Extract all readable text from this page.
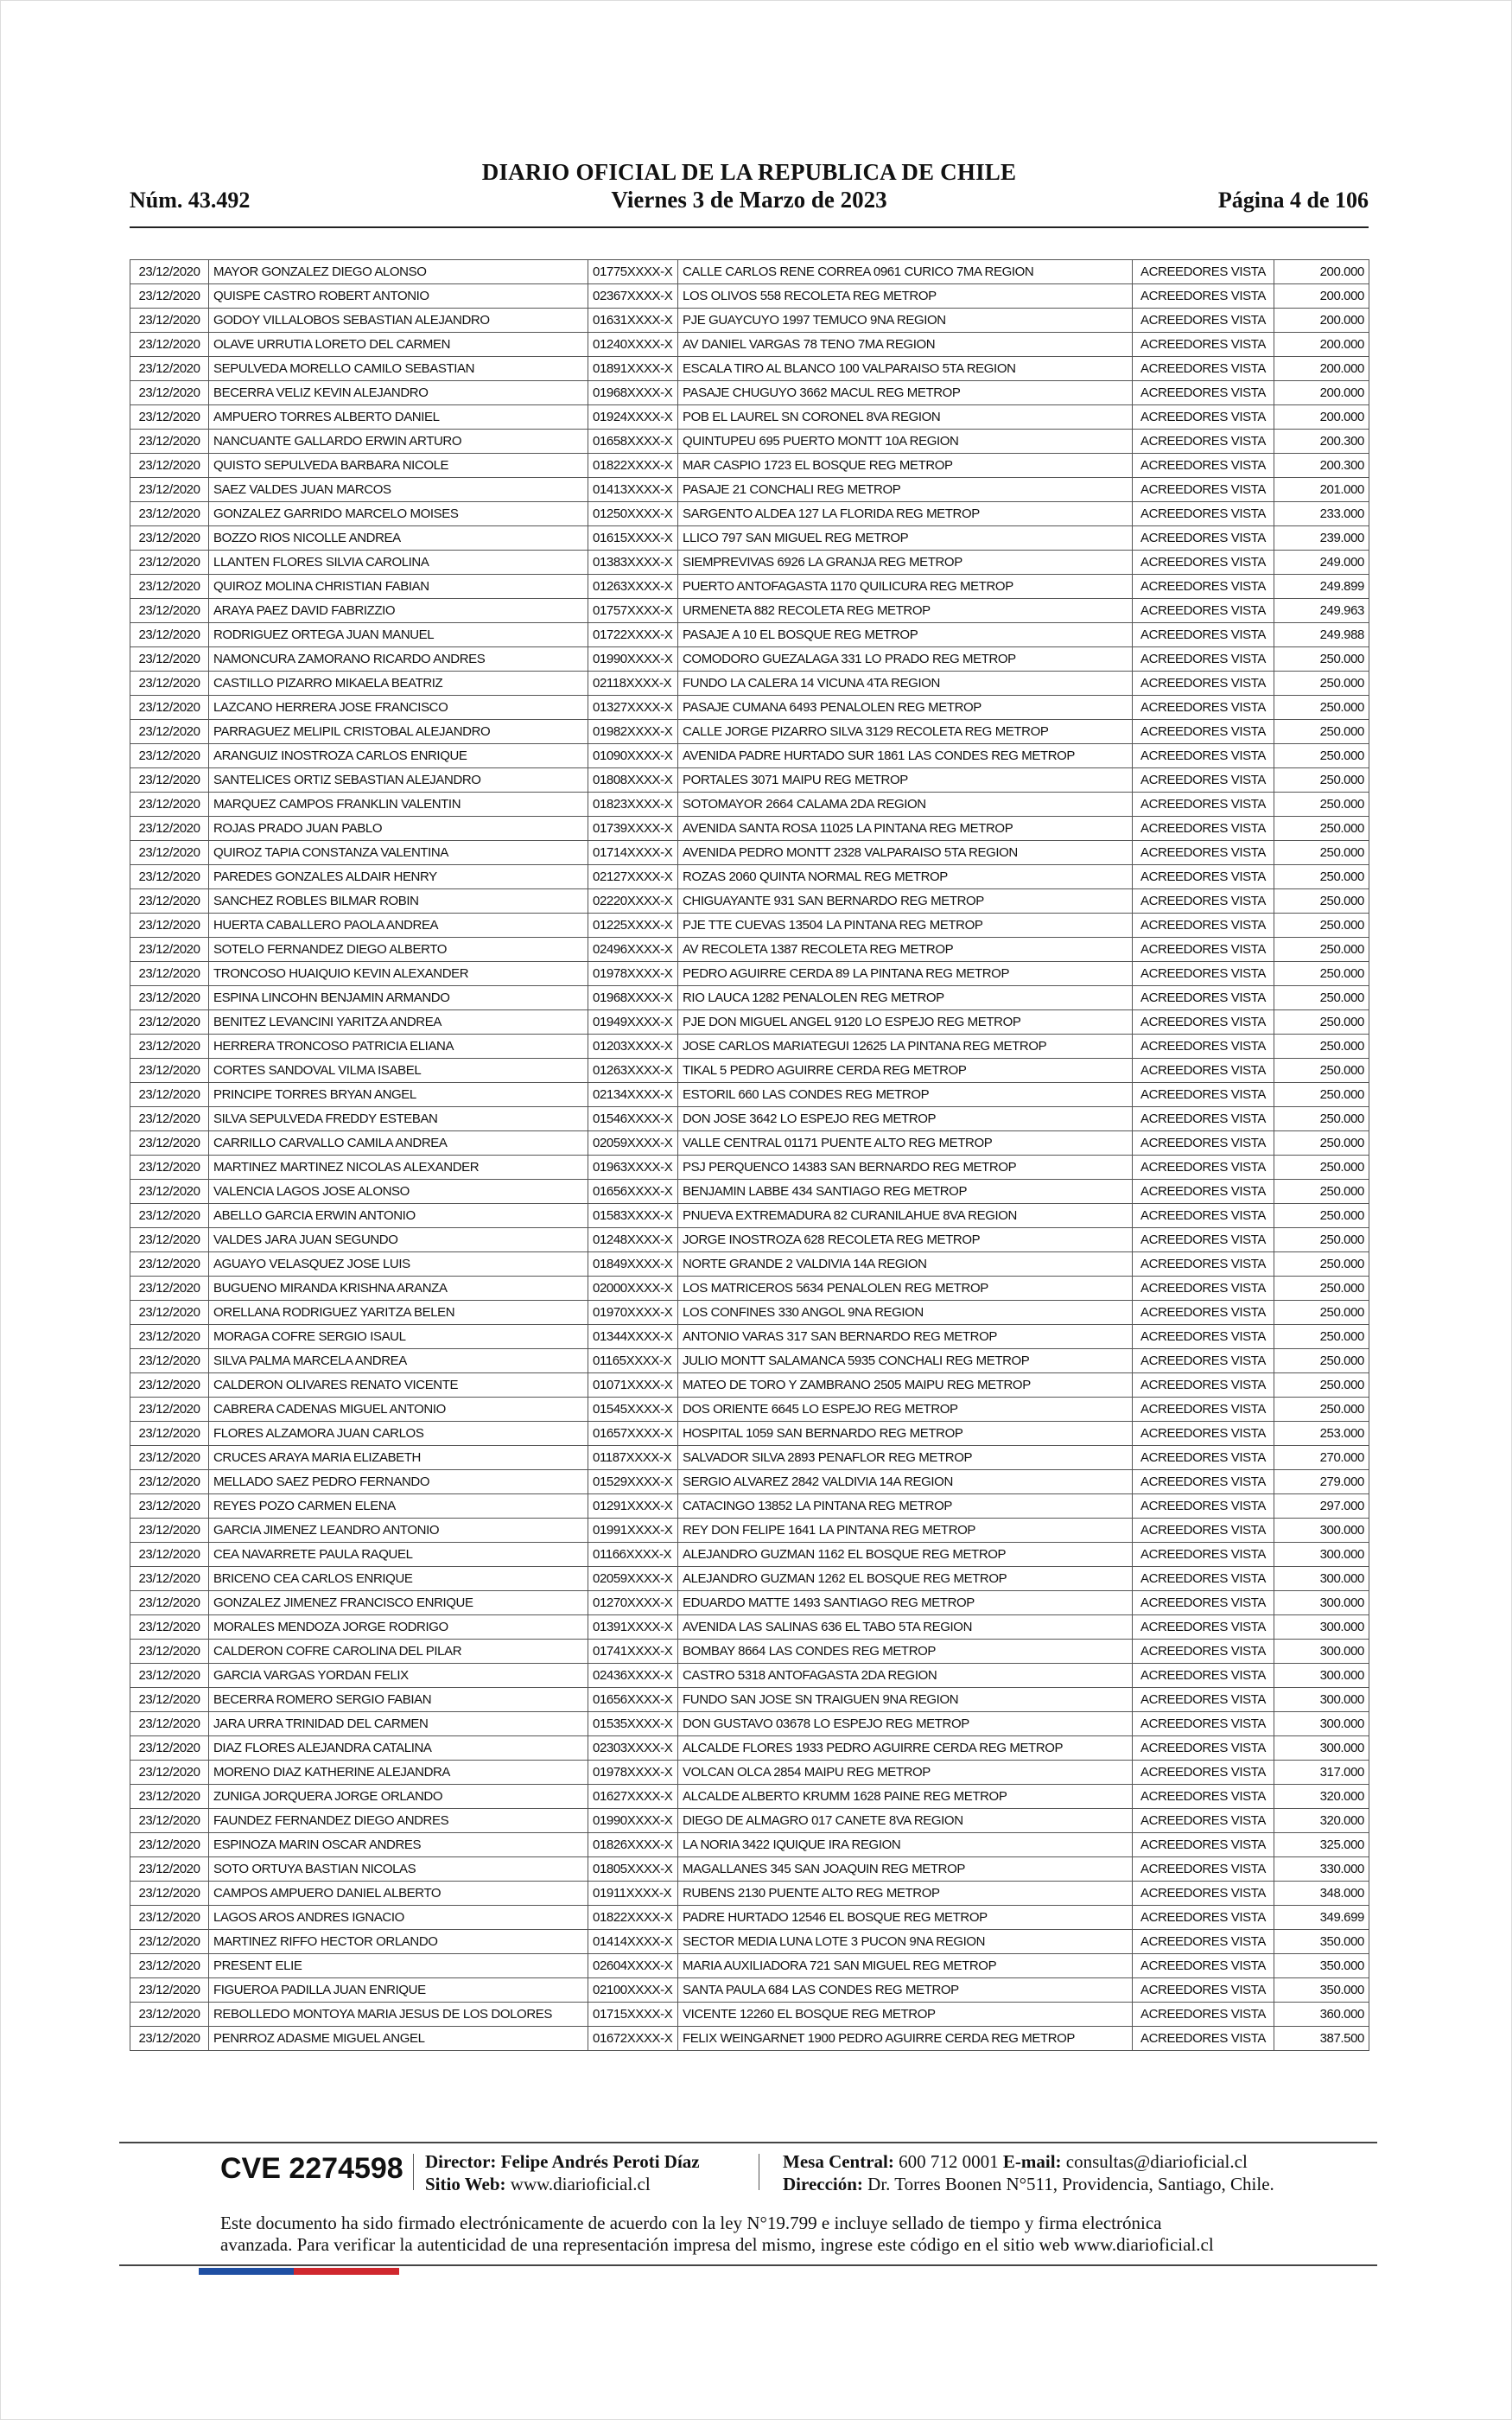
Núm. 43.492
DIARIO OFICIAL DE LA REPUBLICA DE CHILE
Viernes 3 de Marzo de 2023	Página 4 de 106
23/12/2020	MAYOR GONZALEZ DIEGO ALONSO	01775XXXX-X	CALLE CARLOS RENE CORREA 0961 CURICO 7MA REGION	ACREEDORES VISTA	200.000
23/12/2020	QUISPE CASTRO ROBERT ANTONIO	02367XXXX-X	LOS OLIVOS 558 RECOLETA REG METROP	ACREEDORES VISTA	200.000
23/12/2020	GODOY VILLALOBOS SEBASTIAN ALEJANDRO	01631XXXX-X	PJE GUAYCUYO 1997 TEMUCO 9NA REGION	ACREEDORES VISTA	200.000
23/12/2020	OLAVE URRUTIA LORETO DEL CARMEN	01240XXXX-X	AV DANIEL VARGAS 78 TENO 7MA REGION	ACREEDORES VISTA	200.000
23/12/2020	SEPULVEDA MORELLO CAMILO SEBASTIAN	01891XXXX-X	ESCALA TIRO AL BLANCO 100 VALPARAISO 5TA REGION	ACREEDORES VISTA	200.000
23/12/2020	BECERRA VELIZ KEVIN ALEJANDRO	01968XXXX-X	PASAJE CHUGUYO 3662 MACUL REG METROP	ACREEDORES VISTA	200.000
23/12/2020	AMPUERO TORRES ALBERTO DANIEL	01924XXXX-X	POB EL LAUREL SN CORONEL 8VA REGION	ACREEDORES VISTA	200.000
23/12/2020	NANCUANTE GALLARDO ERWIN ARTURO	01658XXXX-X	QUINTUPEU 695 PUERTO MONTT 10A REGION	ACREEDORES VISTA	200.300
23/12/2020	QUISTO SEPULVEDA BARBARA NICOLE	01822XXXX-X	MAR CASPIO 1723 EL BOSQUE REG METROP	ACREEDORES VISTA	200.300
23/12/2020	SAEZ VALDES JUAN MARCOS	01413XXXX-X	PASAJE 21 CONCHALI REG METROP	ACREEDORES VISTA	201.000
23/12/2020	GONZALEZ GARRIDO MARCELO MOISES	01250XXXX-X	SARGENTO ALDEA 127 LA FLORIDA REG METROP	ACREEDORES VISTA	233.000
23/12/2020	BOZZO RIOS NICOLLE ANDREA	01615XXXX-X	LLICO 797 SAN MIGUEL REG METROP	ACREEDORES VISTA	239.000
23/12/2020	LLANTEN FLORES SILVIA CAROLINA	01383XXXX-X	SIEMPREVIVAS 6926 LA GRANJA REG METROP	ACREEDORES VISTA	249.000
23/12/2020	QUIROZ MOLINA CHRISTIAN FABIAN	01263XXXX-X	PUERTO ANTOFAGASTA 1170 QUILICURA REG METROP	ACREEDORES VISTA	249.899
23/12/2020	ARAYA PAEZ DAVID FABRIZZIO	01757XXXX-X	URMENETA 882 RECOLETA REG METROP	ACREEDORES VISTA	249.963
23/12/2020	RODRIGUEZ ORTEGA JUAN MANUEL	01722XXXX-X	PASAJE A 10 EL BOSQUE REG METROP	ACREEDORES VISTA	249.988
23/12/2020	NAMONCURA ZAMORANO RICARDO ANDRES	01990XXXX-X	COMODORO GUEZALAGA 331 LO PRADO REG METROP	ACREEDORES VISTA	250.000
23/12/2020	CASTILLO PIZARRO MIKAELA BEATRIZ	02118XXXX-X	FUNDO LA CALERA 14 VICUNA 4TA REGION	ACREEDORES VISTA	250.000
23/12/2020	LAZCANO HERRERA JOSE FRANCISCO	01327XXXX-X	PASAJE CUMANA 6493 PENALOLEN REG METROP	ACREEDORES VISTA	250.000
23/12/2020	PARRAGUEZ MELIPIL CRISTOBAL ALEJANDRO	01982XXXX-X	CALLE JORGE PIZARRO SILVA 3129 RECOLETA REG METROP	ACREEDORES VISTA	250.000
23/12/2020	ARANGUIZ INOSTROZA CARLOS ENRIQUE	01090XXXX-X	AVENIDA PADRE HURTADO SUR 1861 LAS CONDES REG METROP	ACREEDORES VISTA	250.000
23/12/2020	SANTELICES ORTIZ SEBASTIAN ALEJANDRO	01808XXXX-X	PORTALES 3071 MAIPU REG METROP	ACREEDORES VISTA	250.000
23/12/2020	MARQUEZ CAMPOS FRANKLIN VALENTIN	01823XXXX-X	SOTOMAYOR 2664 CALAMA 2DA REGION	ACREEDORES VISTA	250.000
23/12/2020	ROJAS PRADO JUAN PABLO	01739XXXX-X	AVENIDA SANTA ROSA 11025 LA PINTANA REG METROP	ACREEDORES VISTA	250.000
23/12/2020	QUIROZ TAPIA CONSTANZA VALENTINA	01714XXXX-X	AVENIDA PEDRO MONTT 2328 VALPARAISO 5TA REGION	ACREEDORES VISTA	250.000
23/12/2020	PAREDES GONZALES ALDAIR HENRY	02127XXXX-X	ROZAS 2060 QUINTA NORMAL REG METROP	ACREEDORES VISTA	250.000
23/12/2020	SANCHEZ ROBLES BILMAR ROBIN	02220XXXX-X	CHIGUAYANTE 931 SAN BERNARDO REG METROP	ACREEDORES VISTA	250.000
23/12/2020	HUERTA CABALLERO PAOLA ANDREA	01225XXXX-X	PJE TTE CUEVAS 13504 LA PINTANA REG METROP	ACREEDORES VISTA	250.000
23/12/2020	SOTELO FERNANDEZ DIEGO ALBERTO	02496XXXX-X	AV RECOLETA 1387 RECOLETA REG METROP	ACREEDORES VISTA	250.000
23/12/2020	TRONCOSO HUAIQUIO KEVIN ALEXANDER	01978XXXX-X	PEDRO AGUIRRE CERDA 89 LA PINTANA REG METROP	ACREEDORES VISTA	250.000
23/12/2020	ESPINA LINCOHN BENJAMIN ARMANDO	01968XXXX-X	RIO LAUCA 1282 PENALOLEN REG METROP	ACREEDORES VISTA	250.000
23/12/2020	BENITEZ LEVANCINI YARITZA ANDREA	01949XXXX-X	PJE DON MIGUEL ANGEL 9120 LO ESPEJO REG METROP	ACREEDORES VISTA	250.000
23/12/2020	HERRERA TRONCOSO PATRICIA ELIANA	01203XXXX-X	JOSE CARLOS MARIATEGUI 12625 LA PINTANA REG METROP	ACREEDORES VISTA	250.000
23/12/2020	CORTES SANDOVAL VILMA ISABEL	01263XXXX-X	TIKAL 5 PEDRO AGUIRRE CERDA REG METROP	ACREEDORES VISTA	250.000
23/12/2020	PRINCIPE TORRES BRYAN ANGEL	02134XXXX-X	ESTORIL 660 LAS CONDES REG METROP	ACREEDORES VISTA	250.000
23/12/2020	SILVA SEPULVEDA FREDDY ESTEBAN	01546XXXX-X	DON JOSE 3642 LO ESPEJO REG METROP	ACREEDORES VISTA	250.000
23/12/2020	CARRILLO CARVALLO CAMILA ANDREA	02059XXXX-X	VALLE CENTRAL 01171 PUENTE ALTO REG METROP	ACREEDORES VISTA	250.000
23/12/2020	MARTINEZ MARTINEZ NICOLAS ALEXANDER	01963XXXX-X	PSJ PERQUENCO 14383 SAN BERNARDO REG METROP	ACREEDORES VISTA	250.000
23/12/2020	VALENCIA LAGOS JOSE ALONSO	01656XXXX-X	BENJAMIN LABBE 434 SANTIAGO REG METROP	ACREEDORES VISTA	250.000
23/12/2020	ABELLO GARCIA ERWIN ANTONIO	01583XXXX-X	PNUEVA EXTREMADURA 82 CURANILAHUE 8VA REGION	ACREEDORES VISTA	250.000
23/12/2020	VALDES JARA JUAN SEGUNDO	01248XXXX-X	JORGE INOSTROZA 628 RECOLETA REG METROP	ACREEDORES VISTA	250.000
23/12/2020	AGUAYO VELASQUEZ JOSE LUIS	01849XXXX-X	NORTE GRANDE 2 VALDIVIA 14A REGION	ACREEDORES VISTA	250.000
23/12/2020	BUGUENO MIRANDA KRISHNA ARANZA	02000XXXX-X	LOS MATRICEROS 5634 PENALOLEN REG METROP	ACREEDORES VISTA	250.000
23/12/2020	ORELLANA RODRIGUEZ YARITZA BELEN	01970XXXX-X	LOS CONFINES 330 ANGOL 9NA REGION	ACREEDORES VISTA	250.000
23/12/2020	MORAGA COFRE SERGIO ISAUL	01344XXXX-X	ANTONIO VARAS 317 SAN BERNARDO REG METROP	ACREEDORES VISTA	250.000
23/12/2020	SILVA PALMA MARCELA ANDREA	01165XXXX-X	JULIO MONTT SALAMANCA 5935 CONCHALI REG METROP	ACREEDORES VISTA	250.000
23/12/2020	CALDERON OLIVARES RENATO VICENTE	01071XXXX-X	MATEO DE TORO Y ZAMBRANO 2505 MAIPU REG METROP	ACREEDORES VISTA	250.000
23/12/2020	CABRERA CADENAS MIGUEL ANTONIO	01545XXXX-X	DOS ORIENTE 6645 LO ESPEJO REG METROP	ACREEDORES VISTA	250.000
23/12/2020	FLORES ALZAMORA JUAN CARLOS	01657XXXX-X	HOSPITAL 1059 SAN BERNARDO REG METROP	ACREEDORES VISTA	253.000
23/12/2020	CRUCES ARAYA MARIA ELIZABETH	01187XXXX-X	SALVADOR SILVA 2893 PENAFLOR REG METROP	ACREEDORES VISTA	270.000
23/12/2020	MELLADO SAEZ PEDRO FERNANDO	01529XXXX-X	SERGIO ALVAREZ 2842 VALDIVIA 14A REGION	ACREEDORES VISTA	279.000
23/12/2020	REYES POZO CARMEN ELENA	01291XXXX-X	CATACINGO 13852 LA PINTANA REG METROP	ACREEDORES VISTA	297.000
23/12/2020	GARCIA JIMENEZ LEANDRO ANTONIO	01991XXXX-X	REY DON FELIPE 1641 LA PINTANA REG METROP	ACREEDORES VISTA	300.000
23/12/2020	CEA NAVARRETE PAULA RAQUEL	01166XXXX-X	ALEJANDRO GUZMAN 1162 EL BOSQUE REG METROP	ACREEDORES VISTA	300.000
23/12/2020	BRICENO CEA CARLOS ENRIQUE	02059XXXX-X	ALEJANDRO GUZMAN 1262 EL BOSQUE REG METROP	ACREEDORES VISTA	300.000
23/12/2020	GONZALEZ JIMENEZ FRANCISCO ENRIQUE	01270XXXX-X	EDUARDO MATTE 1493 SANTIAGO REG METROP	ACREEDORES VISTA	300.000
23/12/2020	MORALES MENDOZA JORGE RODRIGO	01391XXXX-X	AVENIDA LAS SALINAS 636 EL TABO 5TA REGION	ACREEDORES VISTA	300.000
23/12/2020	CALDERON COFRE CAROLINA DEL PILAR	01741XXXX-X	BOMBAY 8664 LAS CONDES REG METROP	ACREEDORES VISTA	300.000
23/12/2020	GARCIA VARGAS YORDAN FELIX	02436XXXX-X	CASTRO 5318 ANTOFAGASTA 2DA REGION	ACREEDORES VISTA	300.000
23/12/2020	BECERRA ROMERO SERGIO FABIAN	01656XXXX-X	FUNDO SAN JOSE SN TRAIGUEN 9NA REGION	ACREEDORES VISTA	300.000
23/12/2020	JARA URRA TRINIDAD DEL CARMEN	01535XXXX-X	DON GUSTAVO 03678 LO ESPEJO REG METROP	ACREEDORES VISTA	300.000
23/12/2020	DIAZ FLORES ALEJANDRA CATALINA	02303XXXX-X	ALCALDE FLORES 1933 PEDRO AGUIRRE CERDA REG METROP	ACREEDORES VISTA	300.000
23/12/2020	MORENO DIAZ KATHERINE ALEJANDRA	01978XXXX-X	VOLCAN OLCA 2854 MAIPU REG METROP	ACREEDORES VISTA	317.000
23/12/2020	ZUNIGA JORQUERA JORGE ORLANDO	01627XXXX-X	ALCALDE ALBERTO KRUMM 1628 PAINE REG METROP	ACREEDORES VISTA	320.000
23/12/2020	FAUNDEZ FERNANDEZ DIEGO ANDRES	01990XXXX-X	DIEGO DE ALMAGRO 017 CANETE 8VA REGION	ACREEDORES VISTA	320.000
23/12/2020	ESPINOZA MARIN OSCAR ANDRES	01826XXXX-X	LA NORIA 3422 IQUIQUE IRA REGION	ACREEDORES VISTA	325.000
23/12/2020	SOTO ORTUYA BASTIAN NICOLAS	01805XXXX-X	MAGALLANES 345 SAN JOAQUIN REG METROP	ACREEDORES VISTA	330.000
23/12/2020	CAMPOS AMPUERO DANIEL ALBERTO	01911XXXX-X	RUBENS 2130 PUENTE ALTO REG METROP	ACREEDORES VISTA	348.000
23/12/2020	LAGOS AROS ANDRES IGNACIO	01822XXXX-X	PADRE HURTADO 12546 EL BOSQUE REG METROP	ACREEDORES VISTA	349.699
23/12/2020	MARTINEZ RIFFO HECTOR ORLANDO	01414XXXX-X	SECTOR MEDIA LUNA LOTE 3 PUCON 9NA REGION	ACREEDORES VISTA	350.000
23/12/2020	PRESENT ELIE	02604XXXX-X	MARIA AUXILIADORA 721 SAN MIGUEL REG METROP	ACREEDORES VISTA	350.000
23/12/2020	FIGUEROA PADILLA JUAN ENRIQUE	02100XXXX-X	SANTA PAULA 684 LAS CONDES REG METROP	ACREEDORES VISTA	350.000
23/12/2020	REBOLLEDO MONTOYA MARIA JESUS DE LOS DOLORES	01715XXXX-X	VICENTE 12260 EL BOSQUE REG METROP	ACREEDORES VISTA	360.000
23/12/2020	PENRROZ ADASME MIGUEL ANGEL	01672XXXX-X	FELIX WEINGARNET 1900 PEDRO AGUIRRE CERDA REG METROP	ACREEDORES VISTA	387.500
CVE 2274598 Director: Felipe Andrés Peroti Díaz
Sitio Web: www.diarioficial.cl
Mesa Central: 600 712 0001 E-mail: consultas@diarioficial.cl
Dirección: Dr. Torres Boonen N°511, Providencia, Santiago, Chile.
Este documento ha sido firmado electrónicamente de acuerdo con la ley N°19.799 e incluye sellado de tiempo y firma electrónica
avanzada. Para verificar la autenticidad de una representación impresa del mismo, ingrese este código en el sitio web www.diarioficial.cl
